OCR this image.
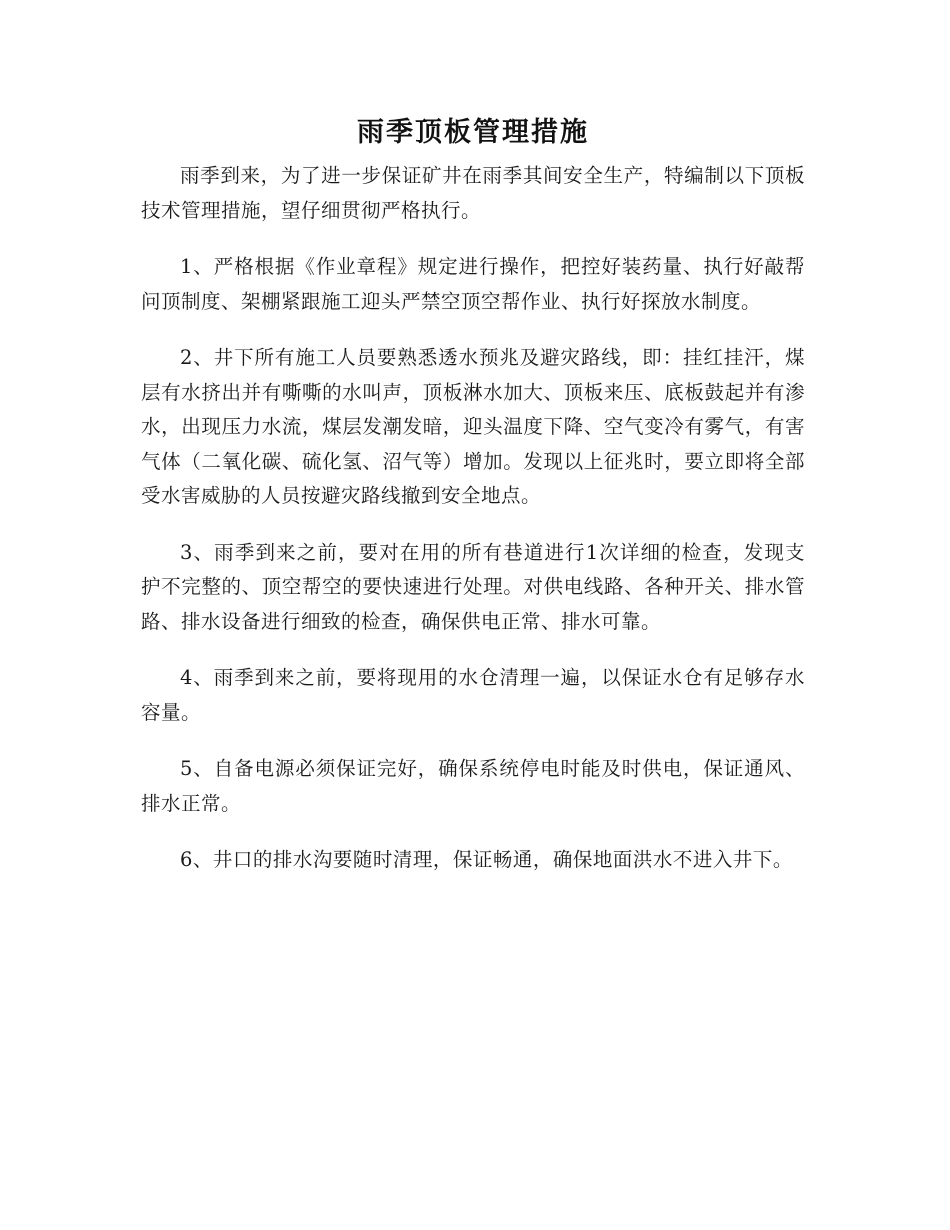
雨季顶板管理措施

雨季到来，为了进一步保证矿井在雨季其间安全生产，特编制以下顶板技术管理措施，望仔细贯彻严格执行。

1、严格根据《作业章程》规定进行操作，把控好装药量、执行好敲帮问顶制度、架棚紧跟施工迎头严禁空顶空帮作业、执行好探放水制度。

2、井下所有施工人员要熟悉透水预兆及避灾路线，即：挂红挂汗，煤层有水挤出并有嘶嘶的水叫声，顶板淋水加大、顶板来压、底板鼓起并有渗水，出现压力水流，煤层发潮发暗，迎头温度下降、空气变冷有雾气，有害气体（二氧化碳、硫化氢、沼气等）增加。发现以上征兆时，要立即将全部受水害威胁的人员按避灾路线撤到安全地点。

3、雨季到来之前，要对在用的所有巷道进行1次详细的检查，发现支护不完整的、顶空帮空的要快速进行处理。对供电线路、各种开关、排水管路、排水设备进行细致的检查，确保供电正常、排水可靠。

4、雨季到来之前，要将现用的水仓清理一遍，以保证水仓有足够存水容量。

5、自备电源必须保证完好，确保系统停电时能及时供电，保证通风、排水正常。

6、井口的排水沟要随时清理，保证畅通，确保地面洪水不进入井下。
